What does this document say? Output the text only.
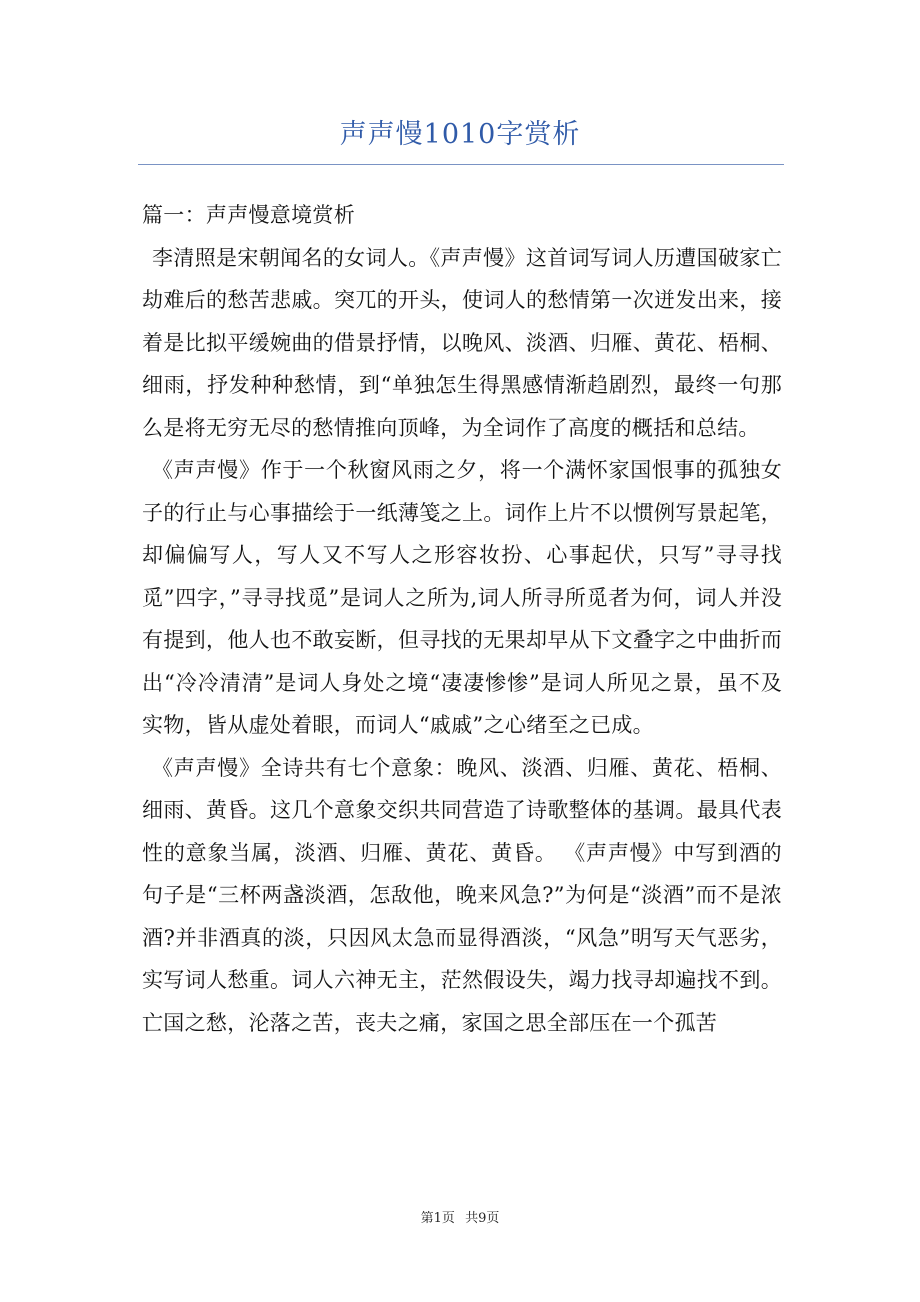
声声慢1010字赏析

篇一：声声慢意境赏析

李清照是宋朝闻名的女词人。《声声慢》这首词写词人历遭国破家亡劫难后的愁苦悲戚。突兀的开头，使词人的愁情第一次迸发出来，接着是比拟平缓婉曲的借景抒情，以晚风、淡酒、归雁、黄花、梧桐、细雨，抒发种种愁情，到“单独怎生得黑感情渐趋剧烈，最终一句那么是将无穷无尽的愁情推向顶峰，为全词作了高度的概括和总结。

《声声慢》作于一个秋窗风雨之夕，将一个满怀家国恨事的孤独女子的行止与心事描绘于一纸薄笺之上。词作上片不以惯例写景起笔，却偏偏写人，写人又不写人之形容妆扮、心事起伏，只写”寻寻找觅”四字，”寻寻找觅”是词人之所为,词人所寻所觅者为何，词人并没有提到，他人也不敢妄断，但寻找的无果却早从下文叠字之中曲折而出“冷冷清清”是词人身处之境“凄凄惨惨”是词人所见之景，虽不及实物，皆从虚处着眼，而词人“戚戚”之心绪至之已成。

《声声慢》全诗共有七个意象：晚风、淡酒、归雁、黄花、梧桐、细雨、黄昏。这几个意象交织共同营造了诗歌整体的基调。最具代表性的意象当属，淡酒、归雁、黄花、黄昏。 《声声慢》中写到酒的句子是“三杯两盏淡酒，怎敌他，晚来风急?”为何是“淡酒”而不是浓酒?并非酒真的淡，只因风太急而显得酒淡，“风急”明写天气恶劣，实写词人愁重。词人六神无主，茫然假设失，竭力找寻却遍找不到。亡国之愁，沦落之苦，丧夫之痛，家国之思全部压在一个孤苦

第1页 共9页
